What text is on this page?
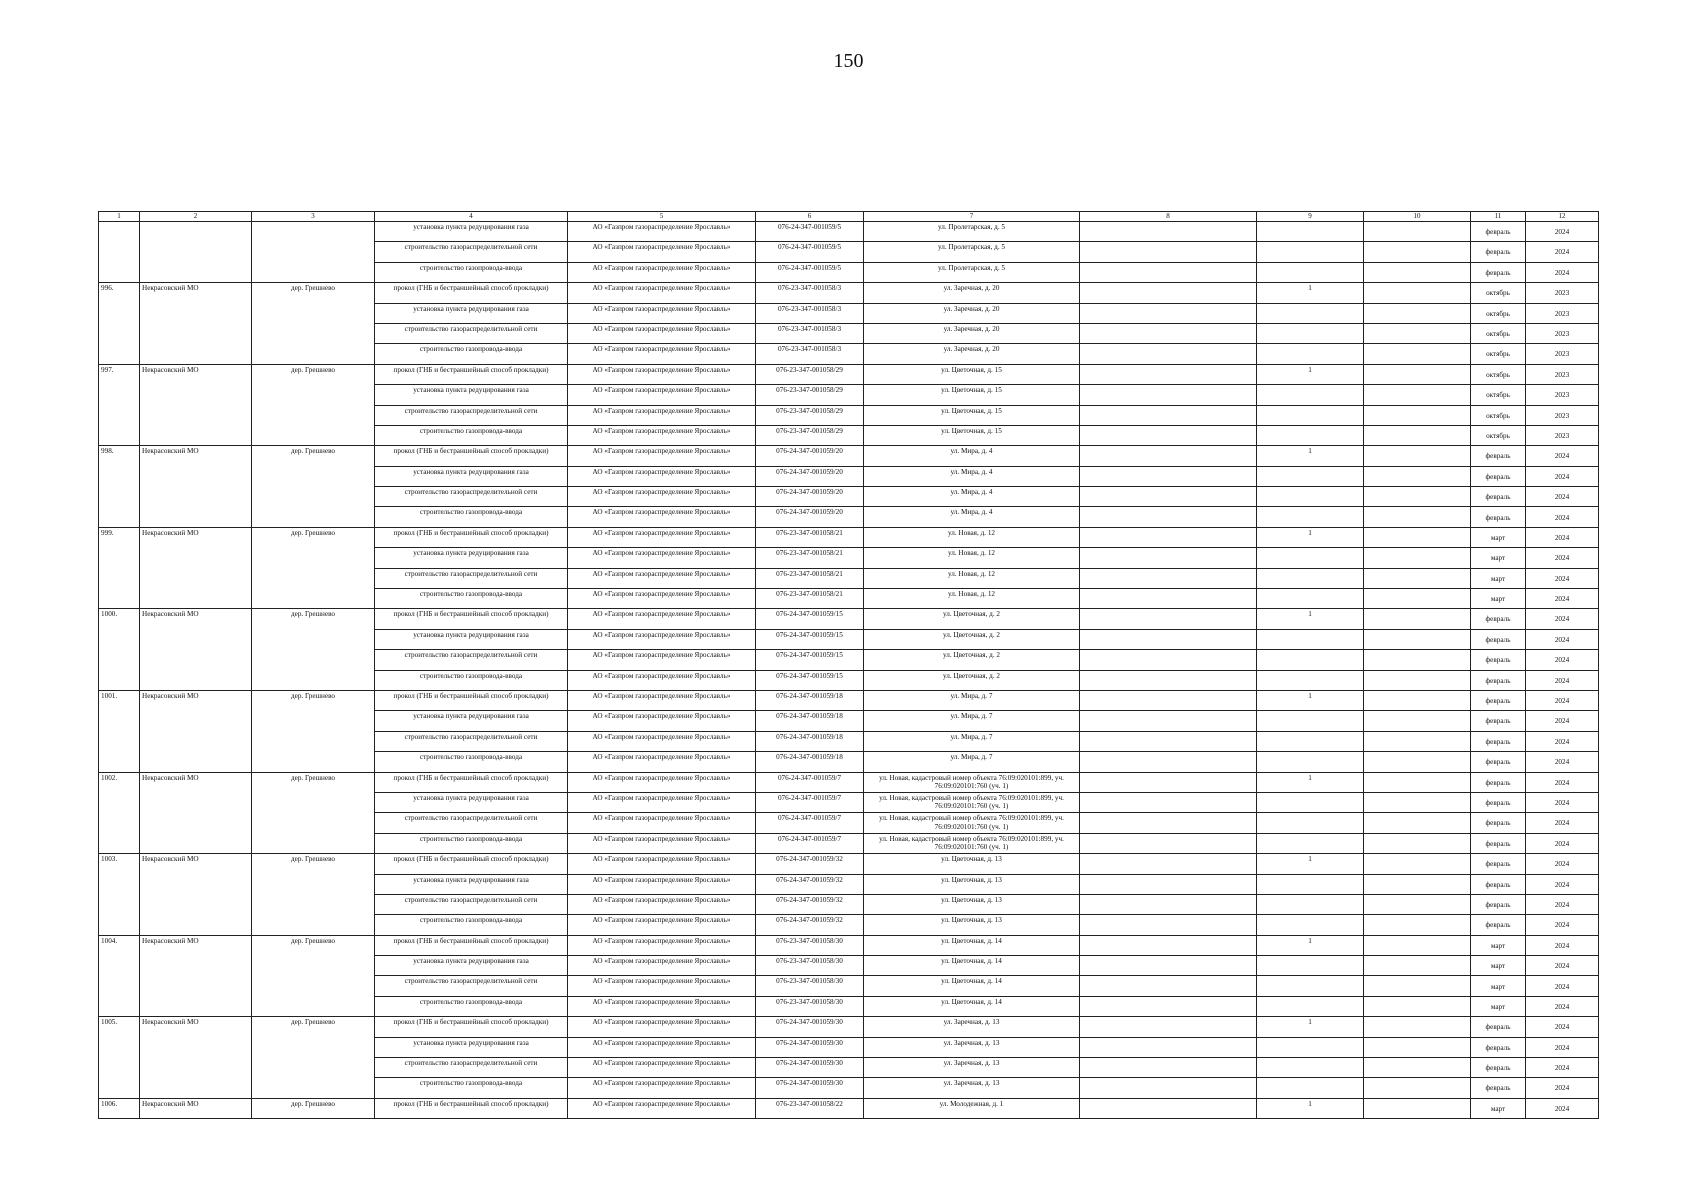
150
1	2	3	4	5	6	7	8	9	10	11	12
			установка пункта редуцирования газа	АО «Газпром газораспределение Ярославль»	076-24-347-001059/5	ул. Пролетарская, д. 5				февраль	2024
			строительство газораспределительной сети	АО «Газпром газораспределение Ярославль»	076-24-347-001059/5	ул. Пролетарская, д. 5				февраль	2024
			строительство газопровода-ввода	АО «Газпром газораспределение Ярославль»	076-24-347-001059/5	ул. Пролетарская, д. 5				февраль	2024
996.	Некрасовский МО	дер. Грешнево	прокол (ГНБ и бестраншейный способ прокладки)	АО «Газпром газораспределение Ярославль»	076-23-347-001058/3	ул. Заречная, д. 20		1		октябрь	2023
			установка пункта редуцирования газа	АО «Газпром газораспределение Ярославль»	076-23-347-001058/3	ул. Заречная, д. 20				октябрь	2023
			строительство газораспределительной сети	АО «Газпром газораспределение Ярославль»	076-23-347-001058/3	ул. Заречная, д. 20				октябрь	2023
			строительство газопровода-ввода	АО «Газпром газораспределение Ярославль»	076-23-347-001058/3	ул. Заречная, д. 20				октябрь	2023
997.	Некрасовский МО	дер. Грешнево	прокол (ГНБ и бестраншейный способ прокладки)	АО «Газпром газораспределение Ярославль»	076-23-347-001058/29	ул. Цветочная, д. 15		1		октябрь	2023
			установка пункта редуцирования газа	АО «Газпром газораспределение Ярославль»	076-23-347-001058/29	ул. Цветочная, д. 15				октябрь	2023
			строительство газораспределительной сети	АО «Газпром газораспределение Ярославль»	076-23-347-001058/29	ул. Цветочная, д. 15				октябрь	2023
			строительство газопровода-ввода	АО «Газпром газораспределение Ярославль»	076-23-347-001058/29	ул. Цветочная, д. 15				октябрь	2023
998.	Некрасовский МО	дер. Грешнево	прокол (ГНБ и бестраншейный способ прокладки)	АО «Газпром газораспределение Ярославль»	076-24-347-001059/20	ул. Мира, д. 4		1		февраль	2024
			установка пункта редуцирования газа	АО «Газпром газораспределение Ярославль»	076-24-347-001059/20	ул. Мира, д. 4				февраль	2024
			строительство газораспределительной сети	АО «Газпром газораспределение Ярославль»	076-24-347-001059/20	ул. Мира, д. 4				февраль	2024
			строительство газопровода-ввода	АО «Газпром газораспределение Ярославль»	076-24-347-001059/20	ул. Мира, д. 4				февраль	2024
999.	Некрасовский МО	дер. Грешнево	прокол (ГНБ и бестраншейный способ прокладки)	АО «Газпром газораспределение Ярославль»	076-23-347-001058/21	ул. Новая, д. 12		1		март	2024
			установка пункта редуцирования газа	АО «Газпром газораспределение Ярославль»	076-23-347-001058/21	ул. Новая, д. 12				март	2024
			строительство газораспределительной сети	АО «Газпром газораспределение Ярославль»	076-23-347-001058/21	ул. Новая, д. 12				март	2024
			строительство газопровода-ввода	АО «Газпром газораспределение Ярославль»	076-23-347-001058/21	ул. Новая, д. 12				март	2024
1000.	Некрасовский МО	дер. Грешнево	прокол (ГНБ и бестраншейный способ прокладки)	АО «Газпром газораспределение Ярославль»	076-24-347-001059/15	ул. Цветочная, д. 2		1		февраль	2024
			установка пункта редуцирования газа	АО «Газпром газораспределение Ярославль»	076-24-347-001059/15	ул. Цветочная, д. 2				февраль	2024
			строительство газораспределительной сети	АО «Газпром газораспределение Ярославль»	076-24-347-001059/15	ул. Цветочная, д. 2				февраль	2024
			строительство газопровода-ввода	АО «Газпром газораспределение Ярославль»	076-24-347-001059/15	ул. Цветочная, д. 2				февраль	2024
1001.	Некрасовский МО	дер. Грешнево	прокол (ГНБ и бестраншейный способ прокладки)	АО «Газпром газораспределение Ярославль»	076-24-347-001059/18	ул. Мира, д. 7		1		февраль	2024
			установка пункта редуцирования газа	АО «Газпром газораспределение Ярославль»	076-24-347-001059/18	ул. Мира, д. 7				февраль	2024
			строительство газораспределительной сети	АО «Газпром газораспределение Ярославль»	076-24-347-001059/18	ул. Мира, д. 7				февраль	2024
			строительство газопровода-ввода	АО «Газпром газораспределение Ярославль»	076-24-347-001059/18	ул. Мира, д. 7				февраль	2024
1002.	Некрасовский МО	дер. Грешнево	прокол (ГНБ и бестраншейный способ прокладки)	АО «Газпром газораспределение Ярославль»	076-24-347-001059/7	ул. Новая, кадастровый номер объекта 76:09:020101:899, уч. 76:09:020101:760 (уч. 1)		1		февраль	2024
			установка пункта редуцирования газа	АО «Газпром газораспределение Ярославль»	076-24-347-001059/7	ул. Новая, кадастровый номер объекта 76:09:020101:899, уч. 76:09:020101:760 (уч. 1)				февраль	2024
			строительство газораспределительной сети	АО «Газпром газораспределение Ярославль»	076-24-347-001059/7	ул. Новая, кадастровый номер объекта 76:09:020101:899, уч. 76:09:020101:760 (уч. 1)				февраль	2024
			строительство газопровода-ввода	АО «Газпром газораспределение Ярославль»	076-24-347-001059/7	ул. Новая, кадастровый номер объекта 76:09:020101:899, уч. 76:09:020101:760 (уч. 1)				февраль	2024
1003.	Некрасовский МО	дер. Грешнево	прокол (ГНБ и бестраншейный способ прокладки)	АО «Газпром газораспределение Ярославль»	076-24-347-001059/32	ул. Цветочная, д. 13		1		февраль	2024
			установка пункта редуцирования газа	АО «Газпром газораспределение Ярославль»	076-24-347-001059/32	ул. Цветочная, д. 13				февраль	2024
			строительство газораспределительной сети	АО «Газпром газораспределение Ярославль»	076-24-347-001059/32	ул. Цветочная, д. 13				февраль	2024
			строительство газопровода-ввода	АО «Газпром газораспределение Ярославль»	076-24-347-001059/32	ул. Цветочная, д. 13				февраль	2024
1004.	Некрасовский МО	дер. Грешнево	прокол (ГНБ и бестраншейный способ прокладки)	АО «Газпром газораспределение Ярославль»	076-23-347-001058/30	ул. Цветочная, д. 14		1		март	2024
			установка пункта редуцирования газа	АО «Газпром газораспределение Ярославль»	076-23-347-001058/30	ул. Цветочная, д. 14				март	2024
			строительство газораспределительной сети	АО «Газпром газораспределение Ярославль»	076-23-347-001058/30	ул. Цветочная, д. 14				март	2024
			строительство газопровода-ввода	АО «Газпром газораспределение Ярославль»	076-23-347-001058/30	ул. Цветочная, д. 14				март	2024
1005.	Некрасовский МО	дер. Грешнево	прокол (ГНБ и бестраншейный способ прокладки)	АО «Газпром газораспределение Ярославль»	076-24-347-001059/30	ул. Заречная, д. 13		1		февраль	2024
			установка пункта редуцирования газа	АО «Газпром газораспределение Ярославль»	076-24-347-001059/30	ул. Заречная, д. 13				февраль	2024
			строительство газораспределительной сети	АО «Газпром газораспределение Ярославль»	076-24-347-001059/30	ул. Заречная, д. 13				февраль	2024
			строительство газопровода-ввода	АО «Газпром газораспределение Ярославль»	076-24-347-001059/30	ул. Заречная, д. 13				февраль	2024
1006.	Некрасовский МО	дер. Грешнево	прокол (ГНБ и бестраншейный способ прокладки)	АО «Газпром газораспределение Ярославль»	076-23-347-001058/22	ул. Молодежная, д. 1		1		март	2024
